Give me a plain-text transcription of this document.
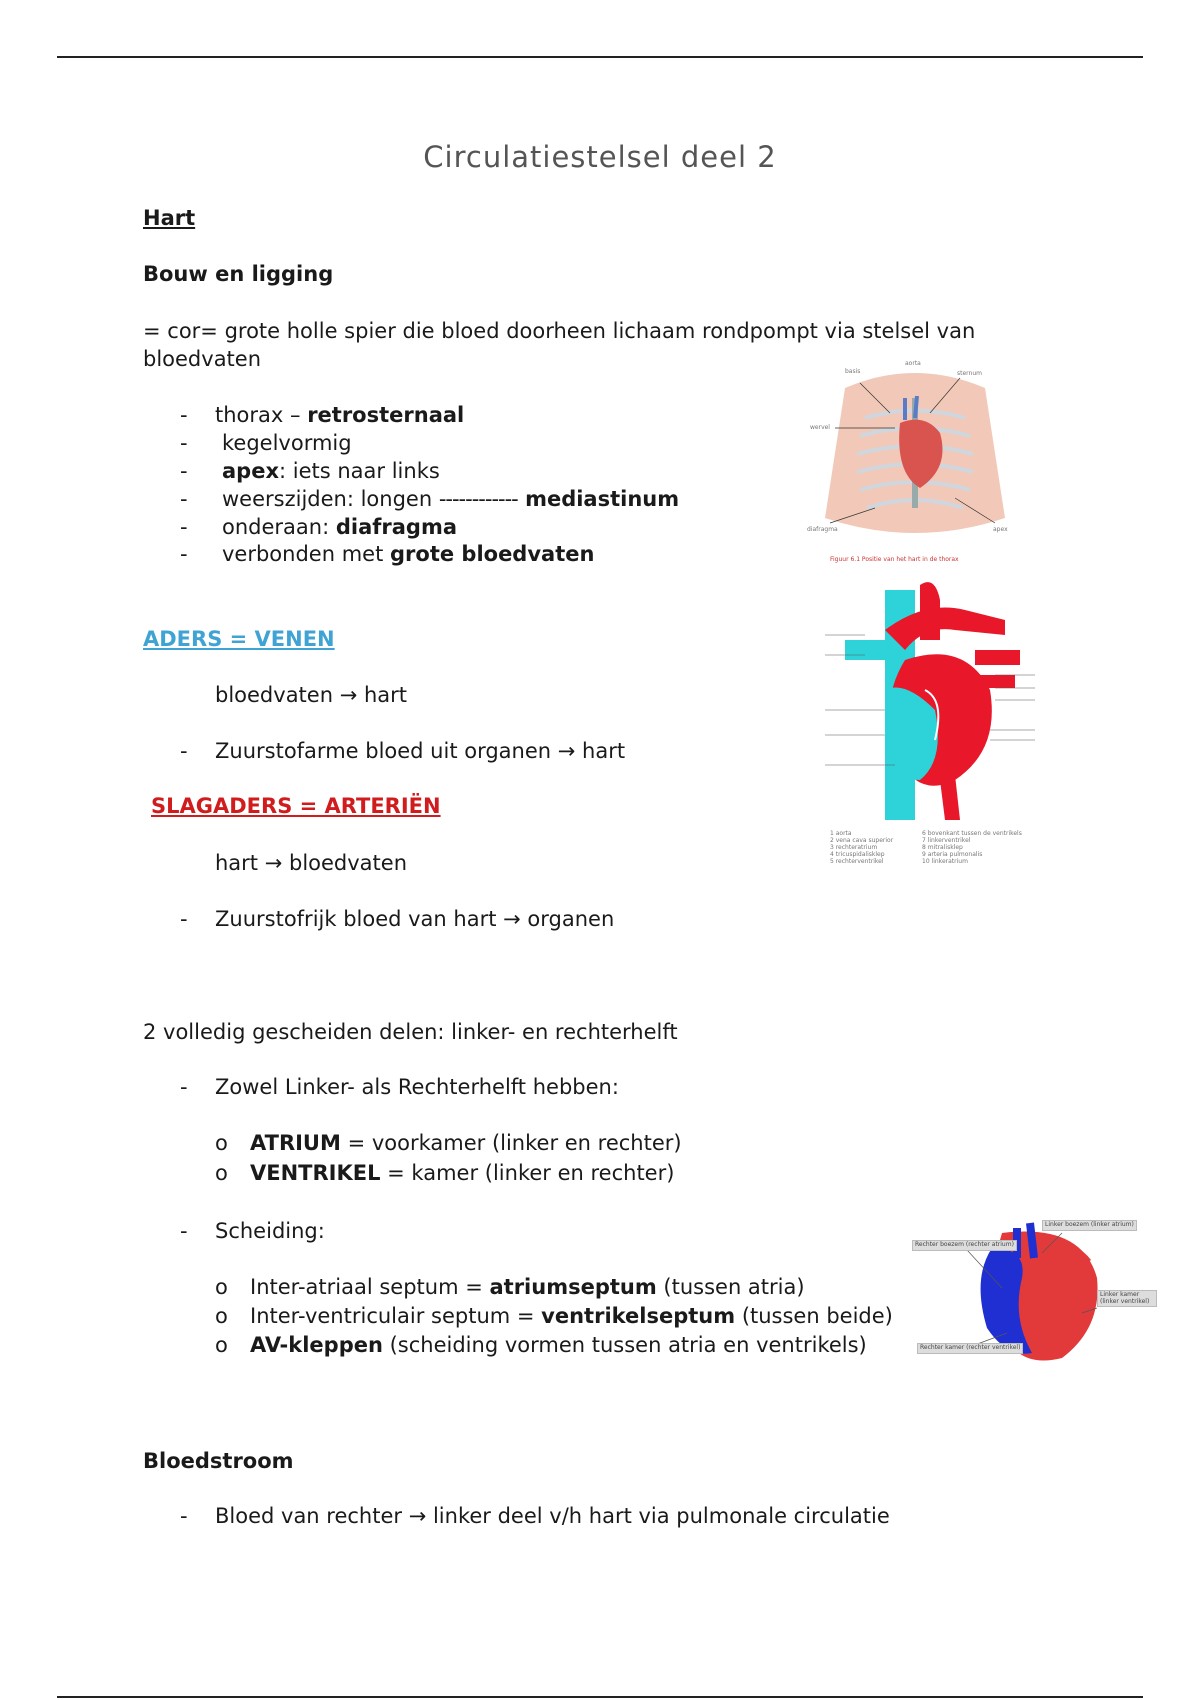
Circulatiestelsel deel 2
Hart
Bouw en ligging
= cor= grote holle spier die bloed doorheen lichaam rondpompt via stelsel van
bloedvaten
- thorax – retrosternaal
- kegelvormig
- apex: iets naar links
- weerszijden: longen ------------ mediastinum
- onderaan: diafragma
- verbonden met grote bloedvaten
ADERS = VENEN
bloedvaten → hart
- Zuurstofarme bloed uit organen → hart
SLAGADERS = ARTERIËN
hart → bloedvaten
- Zuurstofrijk bloed van hart → organen
2 volledig gescheiden delen: linker- en rechterhelft
- Zowel Linker- als Rechterhelft hebben:
o ATRIUM = voorkamer (linker en rechter)
o VENTRIKEL = kamer (linker en rechter)
- Scheiding:
o Inter-atriaal septum = atriumseptum (tussen atria)
o Inter-ventriculair septum = ventrikelseptum (tussen beide)
o AV-kleppen (scheiding vormen tussen atria en ventrikels)
Bloedstroom
- Bloed van rechter → linker deel v/h hart via pulmonale circulatie
basis
wervel
aorta
diafragma	apex
sternum
Figuur 6.1 Positie van het hart in de thorax
1 aorta
2 vena cava superior
3 rechteratrium
4 tricuspidalisklep
5 rechterventrikel
6 bovenkant tussen de ventrikels
7 linkerventrikel
8 mitralisklep
9 arteria pulmonalis
10 linkeratrium
Rechter boezem (rechter atrium)
Linker boezem (linker atrium)
Linker kamer (linker ventrikel)
Rechter kamer (rechter ventrikel)
